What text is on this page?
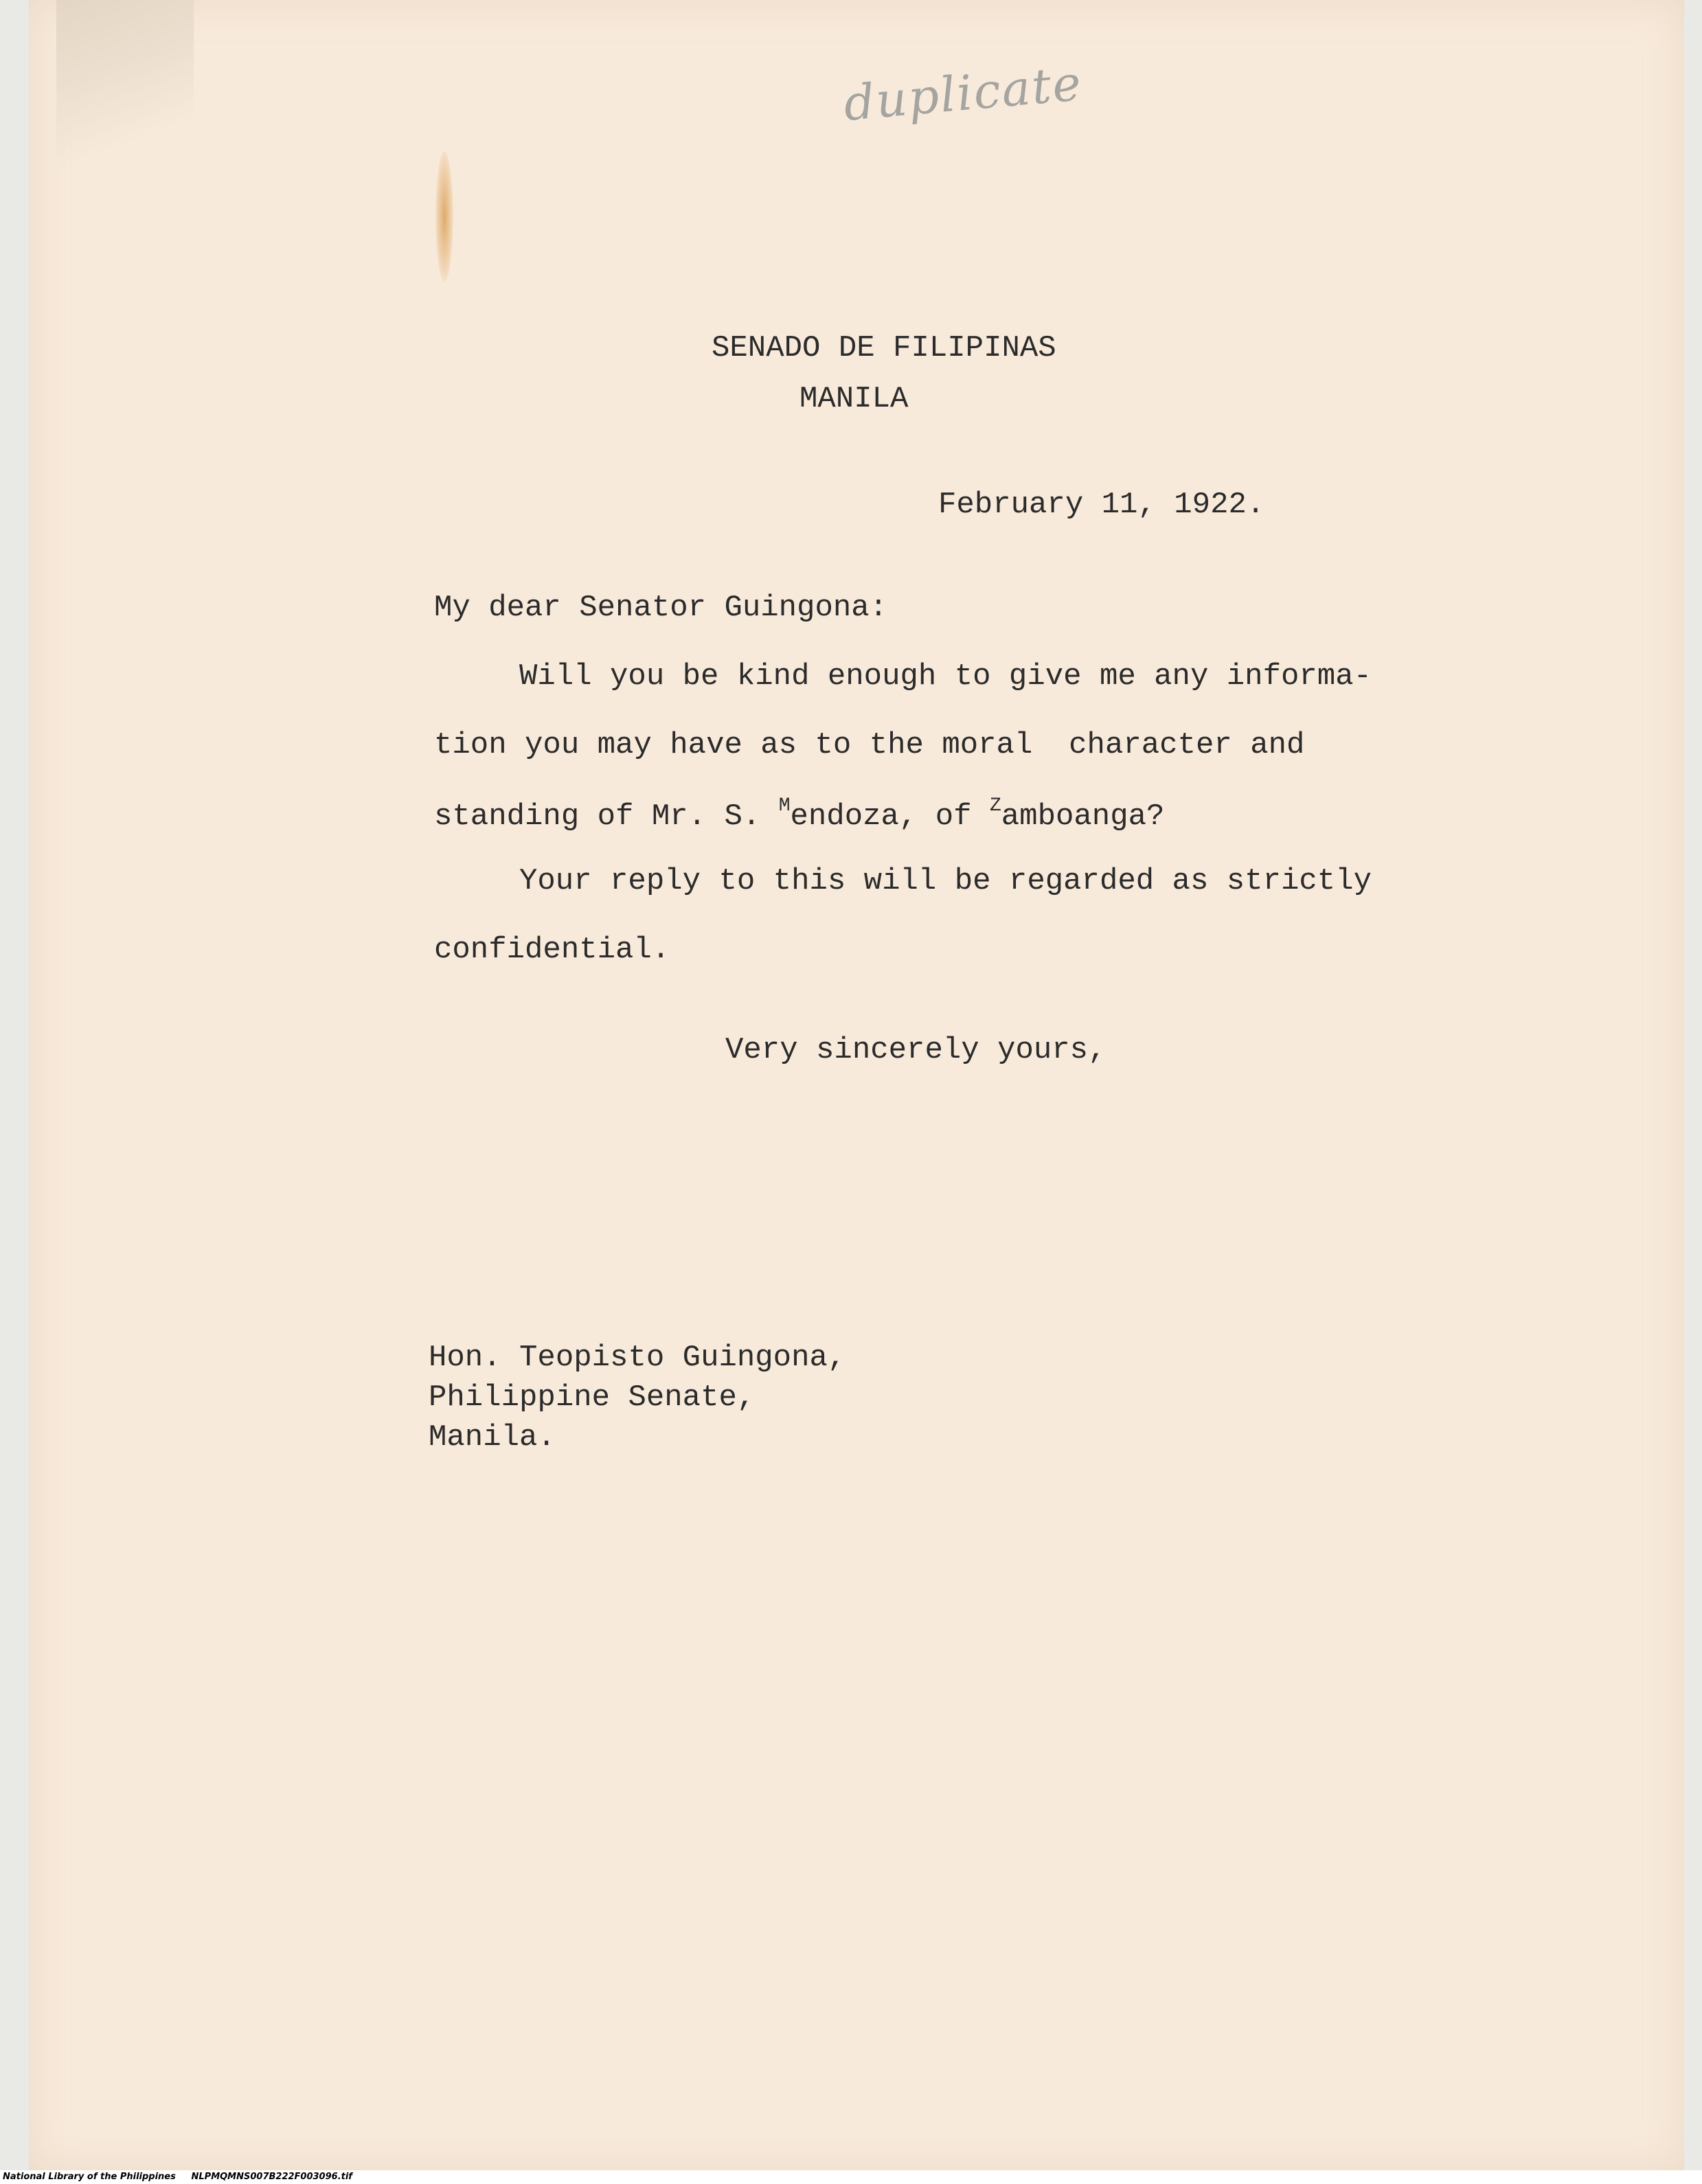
duplicate
SENADO DE FILIPINAS
MANILA
February 11, 1922.
My dear Senator Guingona:
Will you be kind enough to give me any informa-
tion you may have as to the moral  character and
standing of Mr. S. $^M$endoza, of $^Z$amboanga?
Your reply to this will be regarded as strictly
confidential.
Very sincerely yours,
Hon. Teopisto Guingona,
Philippine Senate,
Manila.
National Library of the Philippines NLPMQMNS007B222F003096.tif
